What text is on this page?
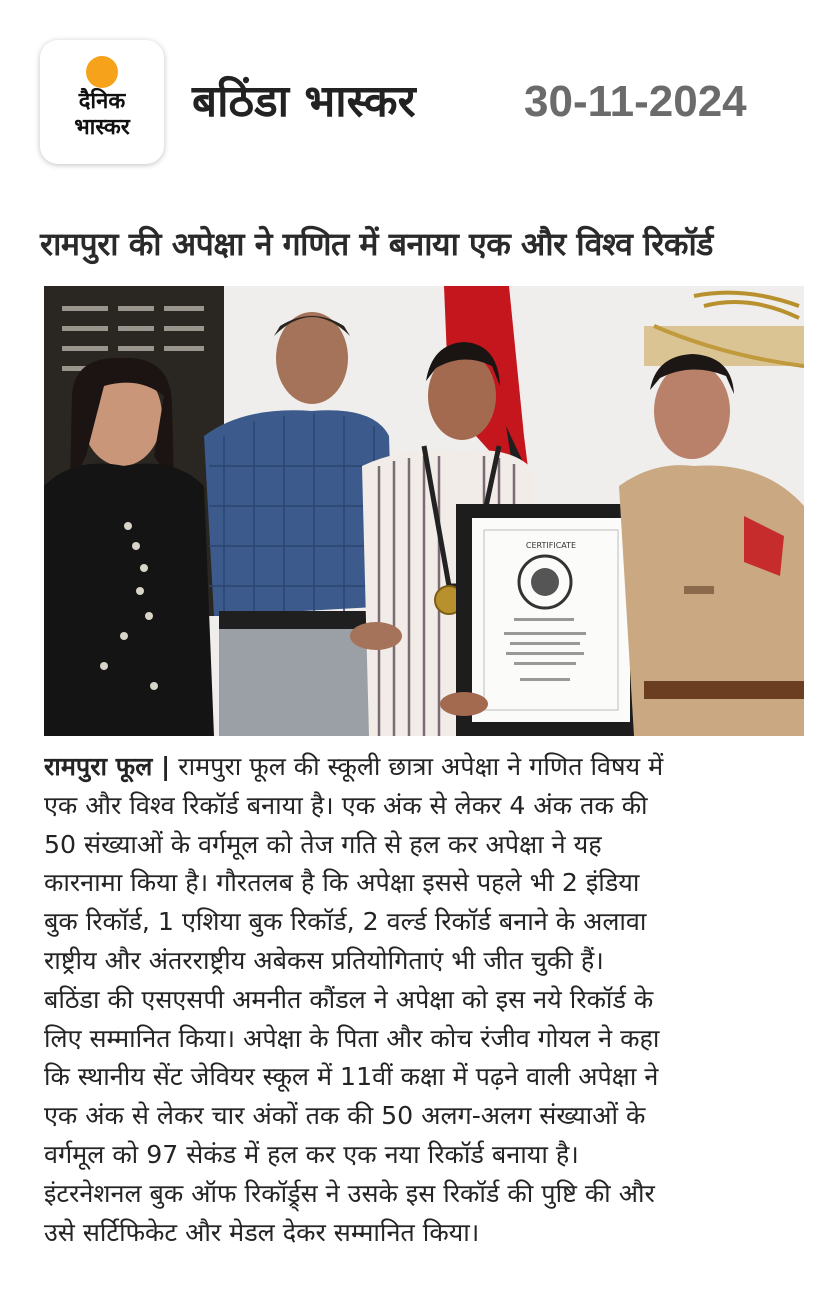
दैनिक
भास्कर
बठिंडा भास्कर 30-11-2024
रामपुरा की अपेक्षा ने गणित में बनाया एक और विश्व रिकॉर्ड
CERTIFICATE
रामपुरा फूल | रामपुरा फूल की स्कूली छात्रा अपेक्षा ने गणित विषय में
एक और विश्व रिकॉर्ड बनाया है। एक अंक से लेकर 4 अंक तक की
50 संख्याओं के वर्गमूल को तेज गति से हल कर अपेक्षा ने यह
कारनामा किया है। गौरतलब है कि अपेक्षा इससे पहले भी 2 इंडिया
बुक रिकॉर्ड, 1 एशिया बुक रिकॉर्ड, 2 वर्ल्ड रिकॉर्ड बनाने के अलावा
राष्ट्रीय और अंतरराष्ट्रीय अबेकस प्रतियोगिताएं भी जीत चुकी हैं।
बठिंडा की एसएसपी अमनीत कौंडल ने अपेक्षा को इस नये रिकॉर्ड के
लिए सम्मानित किया। अपेक्षा के पिता और कोच रंजीव गोयल ने कहा
कि स्थानीय सेंट जेवियर स्कूल में 11वीं कक्षा में पढ़ने वाली अपेक्षा ने
एक अंक से लेकर चार अंकों तक की 50 अलग-अलग संख्याओं के
वर्गमूल को 97 सेकंड में हल कर एक नया रिकॉर्ड बनाया है।
इंटरनेशनल बुक ऑफ रिकॉर्ड्र्स ने उसके इस रिकॉर्ड की पुष्टि की और
उसे सर्टिफिकेट और मेडल देकर सम्मानित किया।
